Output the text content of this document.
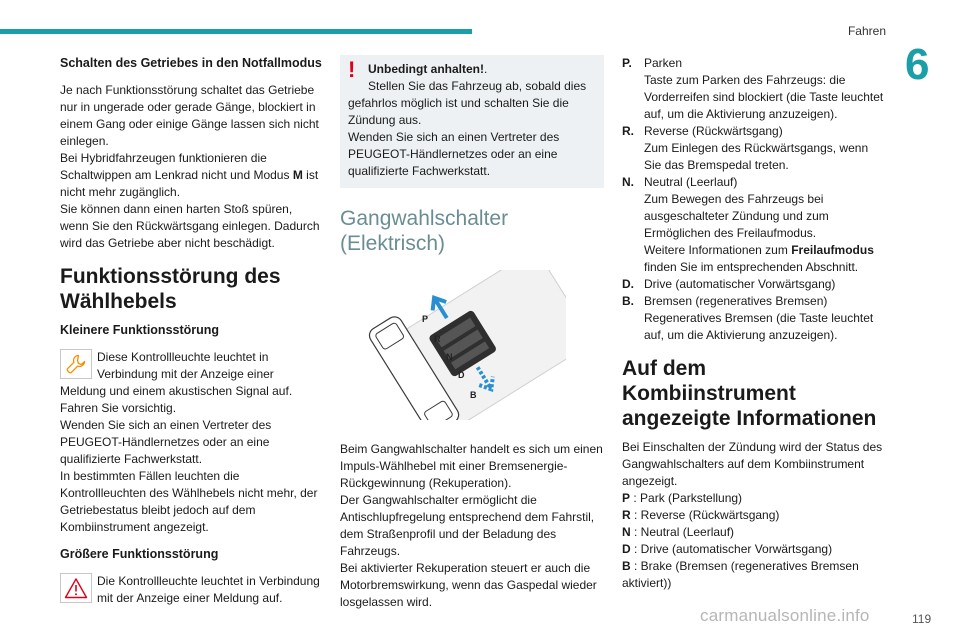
Fahren
6
Schalten des Getriebes in den Notfallmodus
Je nach Funktionsstörung schaltet das Getriebe nur in ungerade oder gerade Gänge, blockiert in einem Gang oder einige Gänge lassen sich nicht einlegen.
Bei Hybridfahrzeugen funktionieren die Schaltwippen am Lenkrad nicht und Modus M ist nicht mehr zugänglich.
Sie können dann einen harten Stoß spüren, wenn Sie den Rückwärtsgang einlegen. Dadurch wird das Getriebe aber nicht beschädigt.
Funktionsstörung des Wählhebels
Kleinere Funktionsstörung
Diese Kontrollleuchte leuchtet in Verbindung mit der Anzeige einer Meldung und einem akustischen Signal auf.
Fahren Sie vorsichtig.
Wenden Sie sich an einen Vertreter des PEUGEOT-Händlernetzes oder an eine qualifizierte Fachwerkstatt.
In bestimmten Fällen leuchten die Kontrollleuchten des Wählhebels nicht mehr, der Getriebestatus bleibt jedoch auf dem Kombiinstrument angezeigt.
Größere Funktionsstörung
Die Kontrollleuchte leuchtet in Verbindung mit der Anzeige einer Meldung auf.
!	Unbedingt anhalten!.
Stellen Sie das Fahrzeug ab, sobald dies gefahrlos möglich ist und schalten Sie die Zündung aus.
Wenden Sie sich an einen Vertreter des PEUGEOT-Händlernetzes oder an eine qualifizierte Fachwerkstatt.
Gangwahlschalter (Elektrisch)
P
R
N
D
B
Beim Gangwahlschalter handelt es sich um einen Impuls-Wählhebel mit einer Bremsenergie-Rückgewinnung (Rekuperation).
Der Gangwahlschalter ermöglicht die Antischlupfregelung entsprechend dem Fahrstil, dem Straßenprofil und der Beladung des Fahrzeugs.
Bei aktivierter Rekuperation steuert er auch die Motorbremswirkung, wenn das Gaspedal wieder losgelassen wird.
P.	Parken
Taste zum Parken des Fahrzeugs: die Vorderreifen sind blockiert (die Taste leuchtet auf, um die Aktivierung anzuzeigen).
R. Reverse (Rückwärtsgang)
Zum Einlegen des Rückwärtsgangs, wenn Sie das Bremspedal treten.
N. Neutral (Leerlauf)
Zum Bewegen des Fahrzeugs bei ausgeschalteter Zündung und zum Ermöglichen des Freilaufmodus.
Weitere Informationen zum Freilaufmodus finden Sie im entsprechenden Abschnitt.
D. Drive (automatischer Vorwärtsgang)
B. Bremsen (regeneratives Bremsen)
Regeneratives Bremsen (die Taste leuchtet auf, um die Aktivierung anzuzeigen).
Auf dem Kombiinstrument angezeigte Informationen
Bei Einschalten der Zündung wird der Status des Gangwahlschalters auf dem Kombiinstrument angezeigt.
P : Park (Parkstellung)
R : Reverse (Rückwärtsgang)
N : Neutral (Leerlauf)
D : Drive (automatischer Vorwärtsgang)
B : Brake (Bremsen (regeneratives Bremsen aktiviert))
carmanualsonline.info	119
